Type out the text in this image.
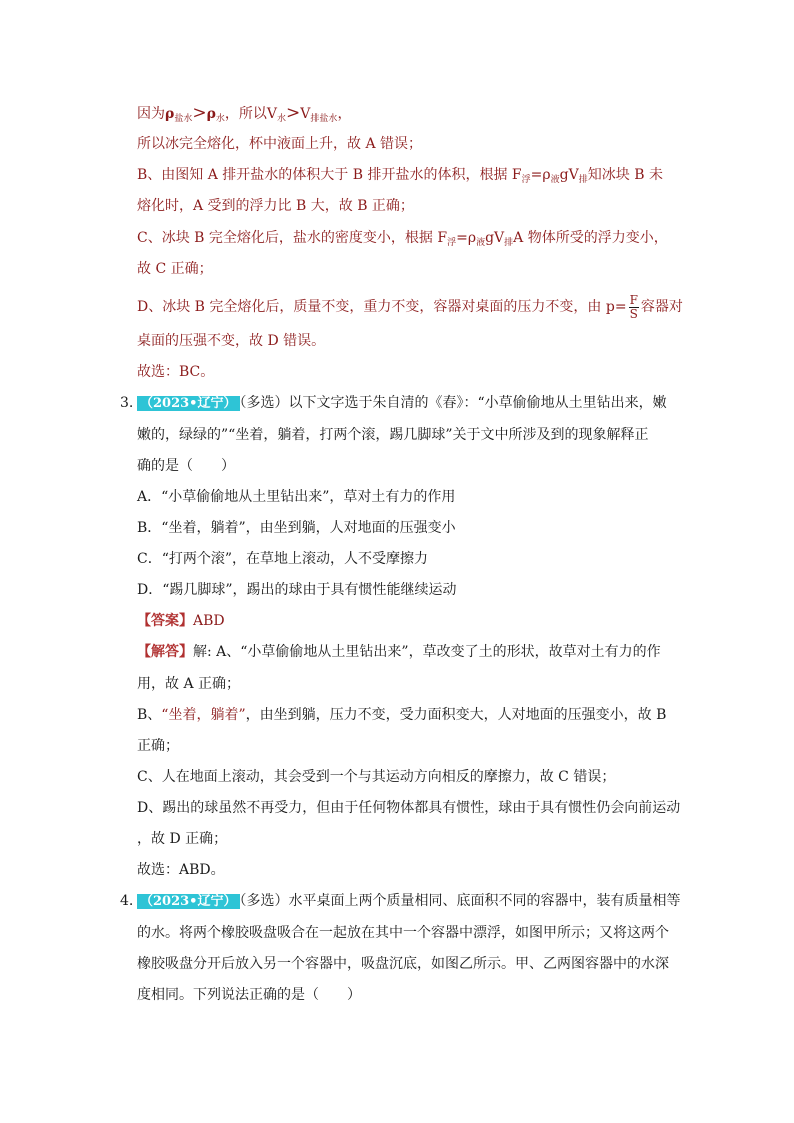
因为$\rho_{盐水}>\rho_水$，所以$V_水>V_{排盐水}$，
所以冰完全熔化，杯中液面上升，故 A 错误；
B、由图知 A 排开盐水的体积大于 B 排开盐水的体积，根据 $F_浮=\rho_液gV_排$知冰块 B 未
熔化时，A 受到的浮力比 B 大，故 B 正确；
C、冰块 B 完全熔化后，盐水的密度变小，根据 $F_浮=\rho_液gV_排A$ 物体所受的浮力变小，
故 C 正确；
D、冰块 B 完全熔化后，质量不变，重力不变，容器对桌面的压力不变，由 $p= \frac{F}{S}$ 容器对
桌面的压强不变，故 D 错误。
故选：BC。
3. （2023•辽宁） （多选）以下文字选于朱自清的《春》：“小草偷偷地从土里钻出来，嫩
嫩的，绿绿的”“坐着，躺着，打两个滚，踢几脚球”关于文中所涉及到的现象解释正
确的是（　　）
A．“小草偷偷地从土里钻出来”，草对土有力的作用
B．“坐着，躺着”，由坐到躺，人对地面的压强变小
C．“打两个滚”，在草地上滚动，人不受摩擦力
D．“踢几脚球”，踢出的球由于具有惯性能继续运动
【答案】ABD
【解答】解: A、“小草偷偷地从土里钻出来”，草改变了土的形状，故草对土有力的作
用，故 A 正确；
B、“坐着，躺着”，由坐到躺，压力不变，受力面积变大，人对地面的压强变小，故 B
正确；
C、人在地面上滚动，其会受到一个与其运动方向相反的摩擦力，故 C 错误；
D、踢出的球虽然不再受力，但由于任何物体都具有惯性，球由于具有惯性仍会向前运动
，故 D 正确；
故选：ABD。
4. （2023•辽宁） （多选）水平桌面上两个质量相同、底面积不同的容器中，装有质量相等
的水。将两个橡胶吸盘吸合在一起放在其中一个容器中漂浮，如图甲所示；又将这两个
橡胶吸盘分开后放入另一个容器中，吸盘沉底，如图乙所示。甲、乙两图容器中的水深
度相同。下列说法正确的是（　　）
